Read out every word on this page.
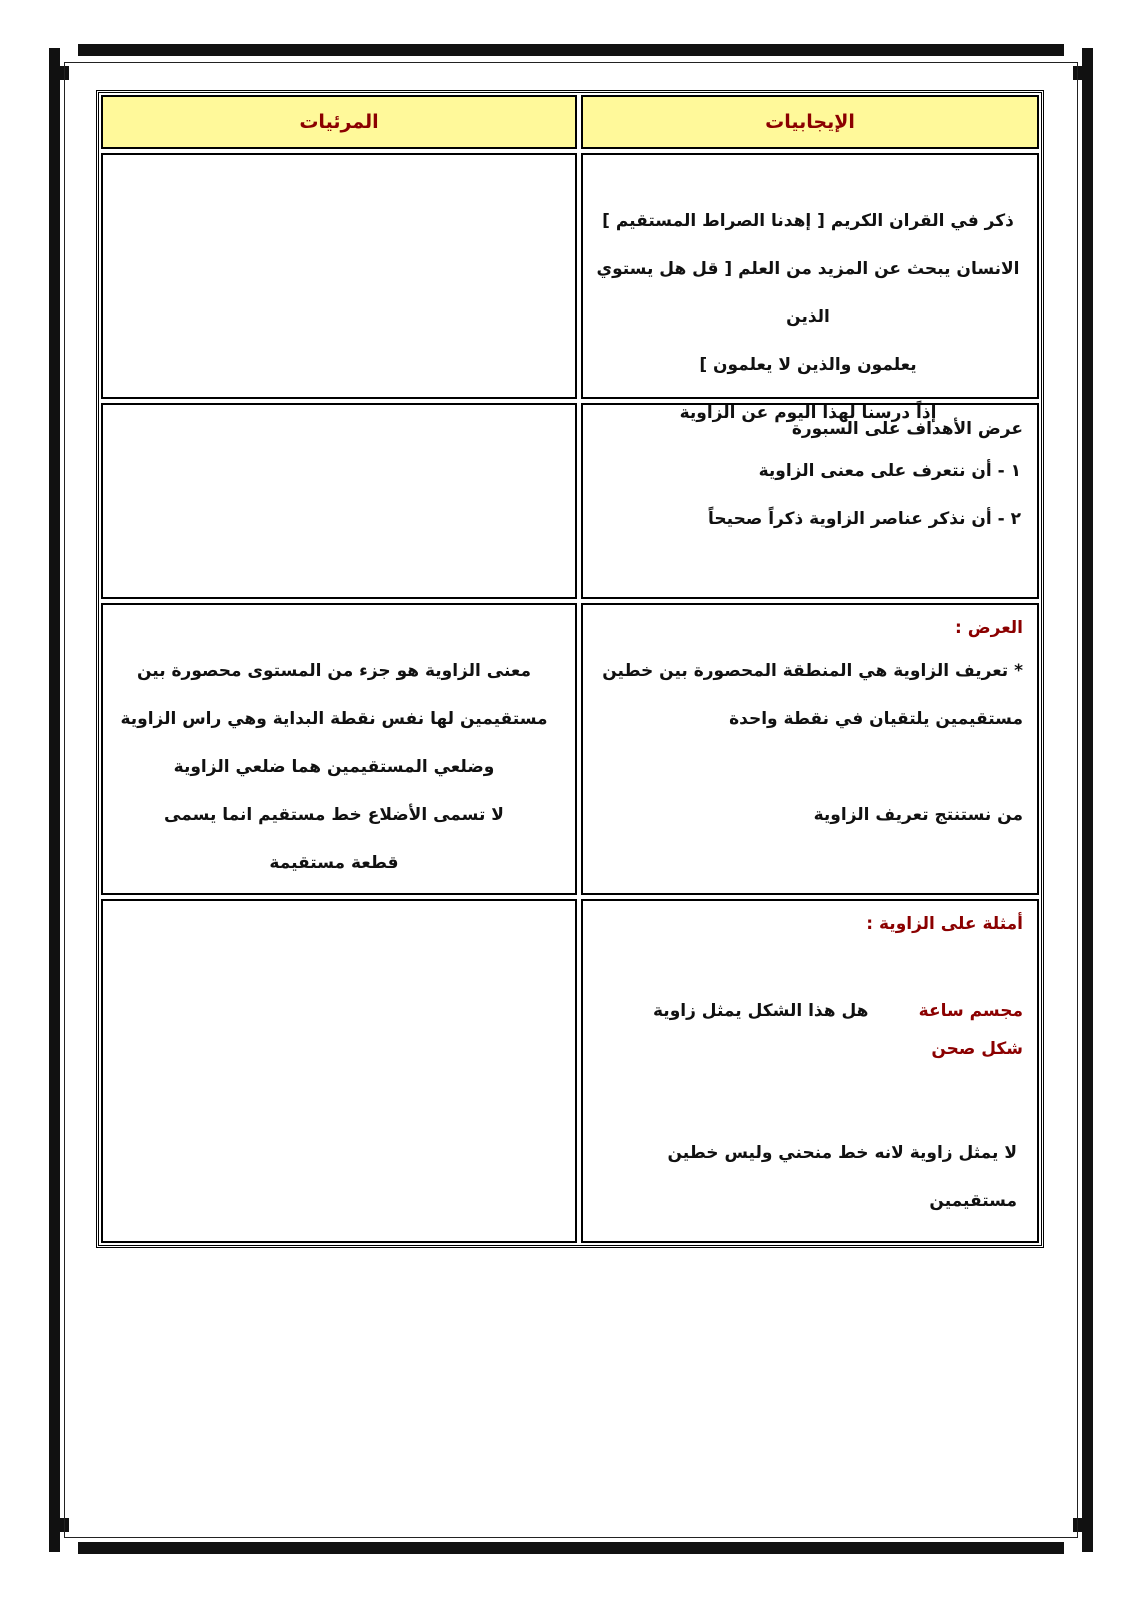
المرئيات	الإيجابيات

ذكر في القران الكريم [ إهدنا الصراط المستقيم ]

الانسان يبحث عن المزيد من العلم [ قل هل يستوي الذين

يعلمون والذين لا يعلمون ]

إذاً درسنا لهذا اليوم عن الزاوية

عرض الأهداف على السبورة

١ - أن نتعرف على معنى الزاوية

٢ - أن نذكر عناصر الزاوية ذكراً صحيحاً

معنى الزاوية هو جزء من المستوى محصورة بين

مستقيمين لها نفس نقطة البداية وهي راس الزاوية

وضلعي المستقيمين هما ضلعي الزاوية

لا تسمى الأضلاع خط مستقيم انما يسمى

قطعة مستقيمة

العرض :

* تعريف الزاوية هي المنطقة المحصورة بين خطين

مستقيمين يلتقيان في نقطة واحدة

من نستنتج تعريف الزاوية

أمثلة على الزاوية :

مجسم ساعة
هل هذا الشكل يمثل زاوية

شكل صحن

لا يمثل زاوية لانه خط منحني وليس خطين مستقيمين
